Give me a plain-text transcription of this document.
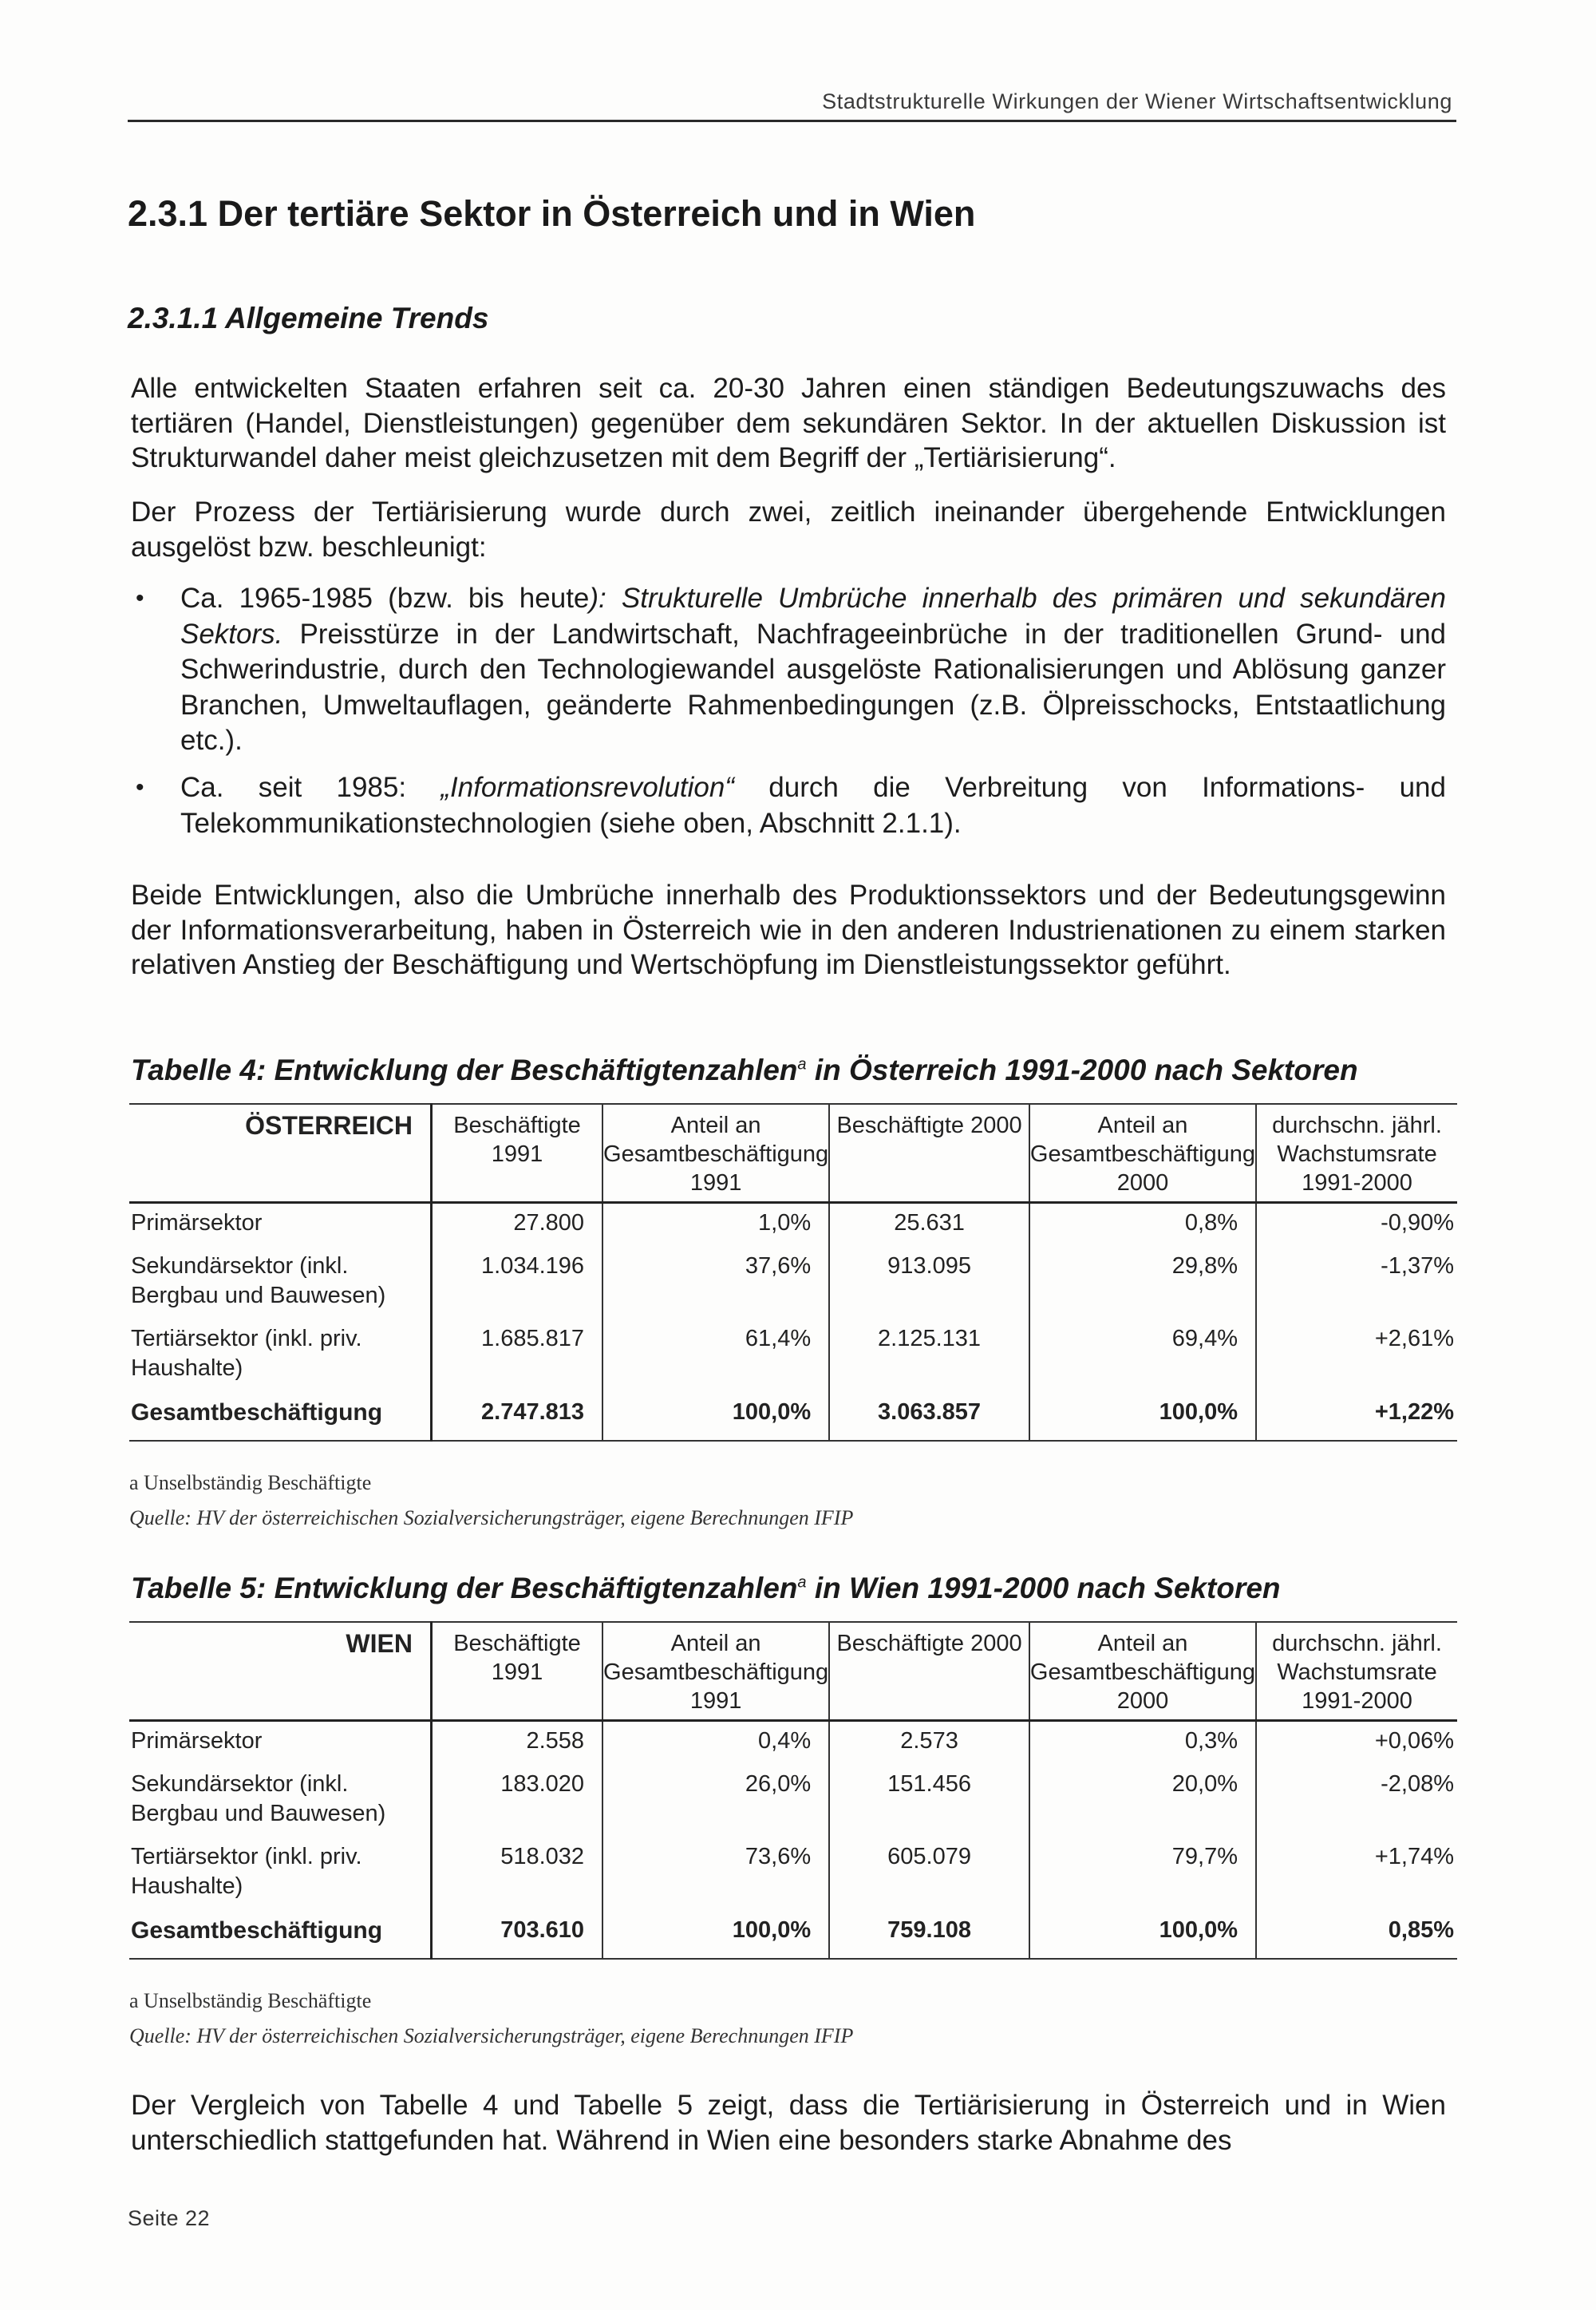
Stadtstrukturelle Wirkungen der Wiener Wirtschaftsentwicklung
2.3.1 Der tertiäre Sektor in Österreich und in Wien
2.3.1.1 Allgemeine Trends

Alle entwickelten Staaten erfahren seit ca. 20-30 Jahren einen ständigen Bedeutungszuwachs des tertiären (Handel, Dienstleistungen) gegenüber dem sekundären Sektor. In der aktuellen Diskussion ist Strukturwandel daher meist gleichzusetzen mit dem Begriff der „Tertiärisierung“.

Der Prozess der Tertiärisierung wurde durch zwei, zeitlich ineinander übergehende Entwicklungen ausgelöst bzw. beschleunigt:

• Ca. 1965-1985 (bzw. bis heute): Strukturelle Umbrüche innerhalb des primären und sekundären Sektors. Preisstürze in der Landwirtschaft, Nachfrageeinbrüche in der traditionellen Grund- und Schwerindustrie, durch den Technologiewandel ausgelöste Rationalisierungen und Ablösung ganzer Branchen, Umweltauflagen, geänderte Rahmenbedingungen (z.B. Ölpreisschocks, Entstaatlichung etc.).

• Ca. seit 1985: „Informationsrevolution“ durch die Verbreitung von Informations- und Telekommunikationstechnologien (siehe oben, Abschnitt 2.1.1).

Beide Entwicklungen, also die Umbrüche innerhalb des Produktionssektors und der Bedeutungsgewinn der Informationsverarbeitung, haben in Österreich wie in den anderen Industrienationen zu einem starken relativen Anstieg der Beschäftigung und Wertschöpfung im Dienstleistungssektor geführt.

Tabelle 4: Entwicklung der Beschäftigtenzahlen$^a$ in Österreich 1991-2000 nach Sektoren

ÖSTERREICH	Beschäftigte 1991	Anteil an Gesamtbeschäftigung 1991	Beschäftigte 2000	Anteil an Gesamtbeschäftigung 2000	durchschn. jährl. Wachstumsrate 1991-2000
Primärsektor	27.800	1,0%	25.631	0,8%	-0,90%
Sekundärsektor (inkl. Bergbau und Bauwesen)	1.034.196	37,6%	913.095	29,8%	-1,37%
Tertiärsektor (inkl. priv. Haushalte)	1.685.817	61,4%	2.125.131	69,4%	+2,61%
Gesamtbeschäftigung	2.747.813	100,0%	3.063.857	100,0%	+1,22%

a Unselbständig Beschäftigte

Quelle: HV der österreichischen Sozialversicherungsträger, eigene Berechnungen IFIP

Tabelle 5: Entwicklung der Beschäftigtenzahlen$^a$ in Wien 1991-2000 nach Sektoren

WIEN	Beschäftigte 1991	Anteil an Gesamtbeschäftigung 1991	Beschäftigte 2000	Anteil an Gesamtbeschäftigung 2000	durchschn. jährl. Wachstumsrate 1991-2000
Primärsektor	2.558	0,4%	2.573	0,3%	+0,06%
Sekundärsektor (inkl. Bergbau und Bauwesen)	183.020	26,0%	151.456	20,0%	-2,08%
Tertiärsektor (inkl. priv. Haushalte)	518.032	73,6%	605.079	79,7%	+1,74%
Gesamtbeschäftigung	703.610	100,0%	759.108	100,0%	0,85%

a Unselbständig Beschäftigte

Quelle: HV der österreichischen Sozialversicherungsträger, eigene Berechnungen IFIP

Der Vergleich von Tabelle 4 und Tabelle 5 zeigt, dass die Tertiärisierung in Österreich und in Wien unterschiedlich stattgefunden hat. Während in Wien eine besonders starke Abnahme des

Seite 22
